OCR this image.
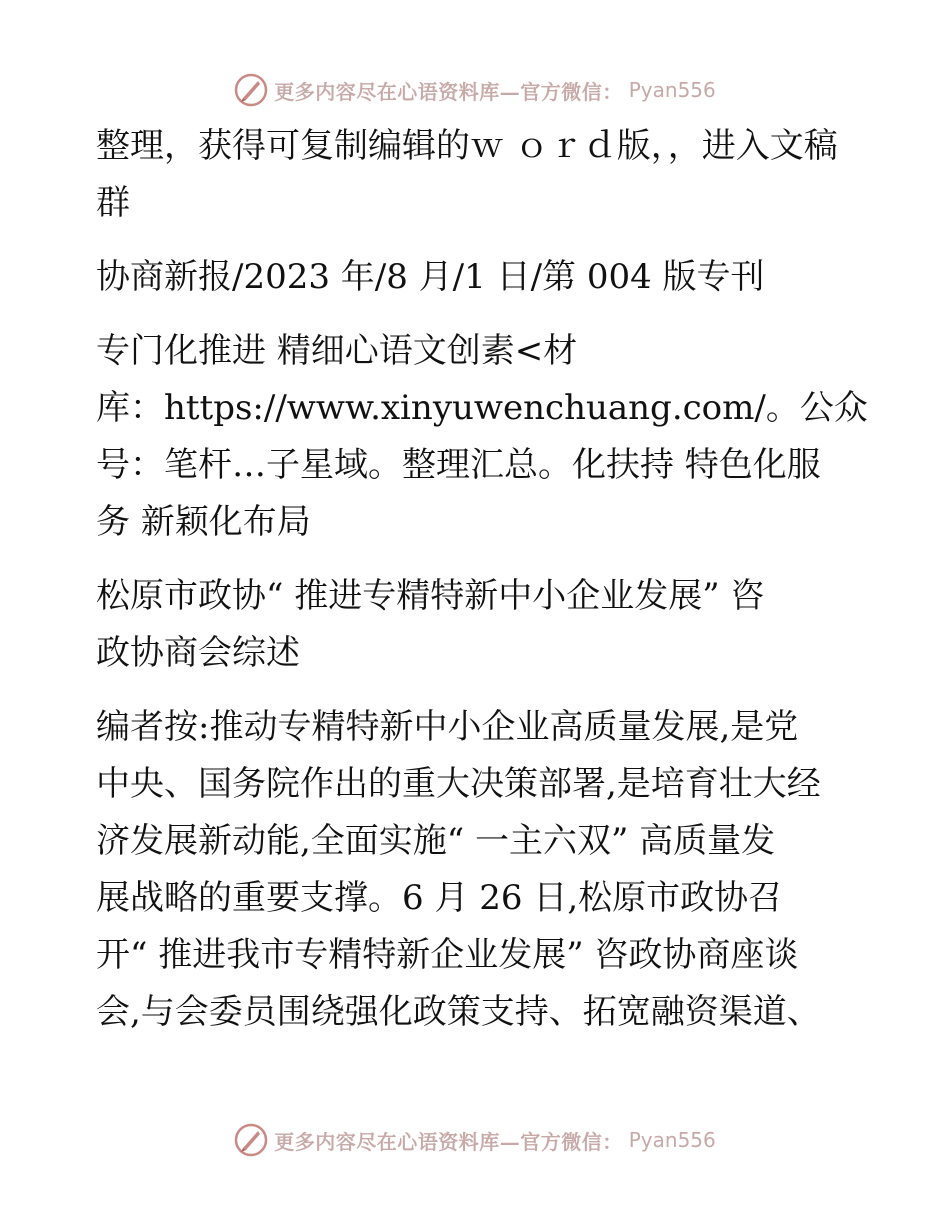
更多内容尽在心语资料库—官方微信： Pyan556
整理，获得可复制编辑的ｗ ｏｒｄ版，，进入文稿
群
协商新报/2023 年/8 月/1 日/第 004 版专刊
专门化推进 精细心语文创素<材
库：https://www.xinyuwenchuang.com/。公众
号：笔杆…子星域。整理汇总。化扶持 特色化服
务 新颖化布局
松原市政协“ 推进专精特新中小企业发展” 咨
政协商会综述
编者按:推动专精特新中小企业高质量发展,是党
中央、国务院作出的重大决策部署,是培育壮大经
济发展新动能,全面实施“ 一主六双” 高质量发
展战略的重要支撑。6 月 26 日,松原市政协召
开“ 推进我市专精特新企业发展” 咨政协商座谈
会,与会委员围绕强化政策支持、拓宽融资渠道、
更多内容尽在心语资料库—官方微信： Pyan556
